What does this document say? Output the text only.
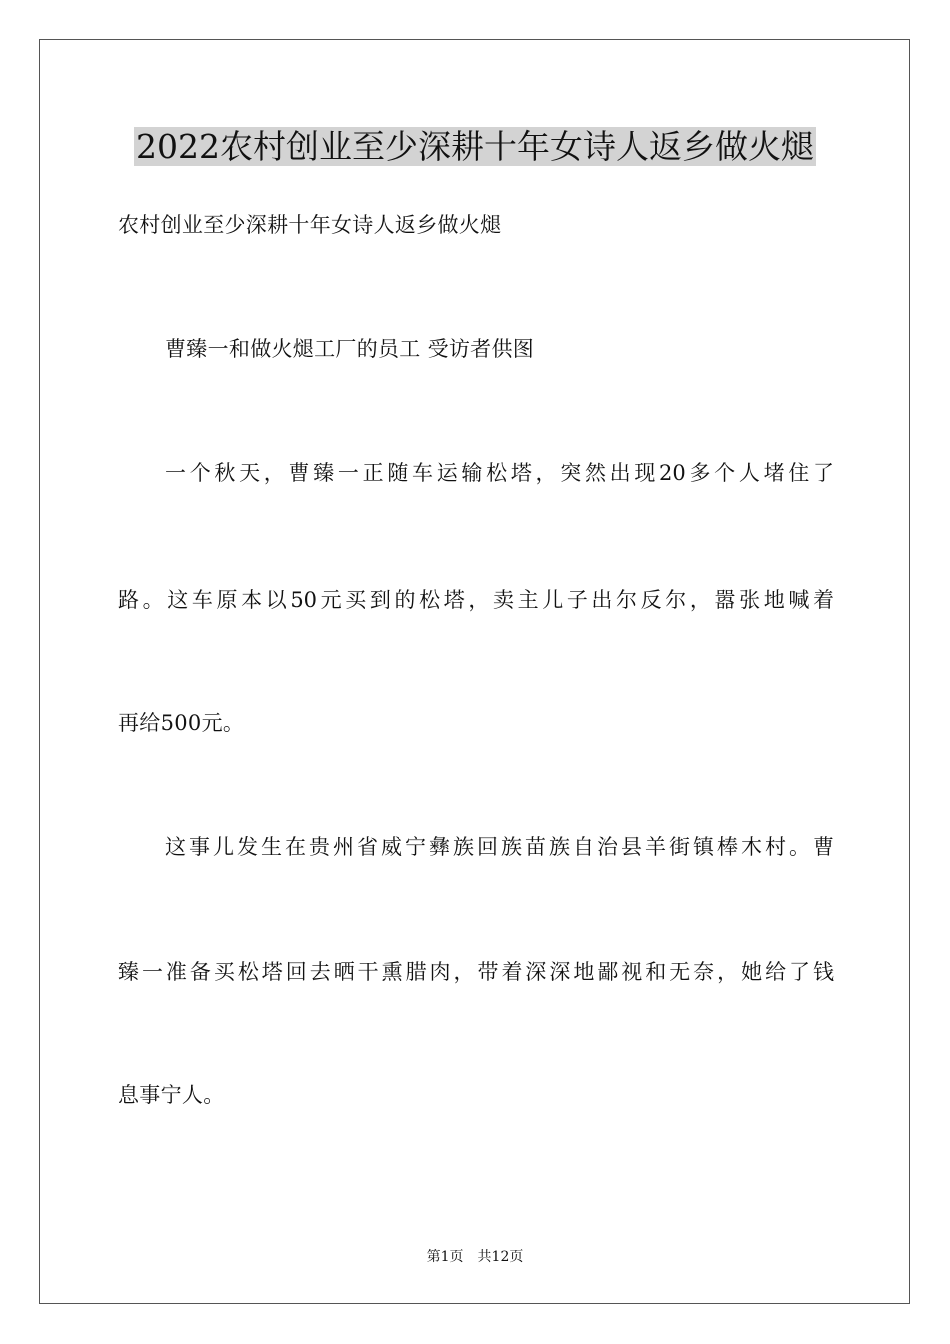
2022农村创业至少深耕十年女诗人返乡做火煺
农村创业至少深耕十年女诗人返乡做火煺
曹臻一和做火煺工厂的员工 受访者供图
一个秋天，曹臻一正随车运输松塔，突然出现20多个人堵住了
路。这车原本以50元买到的松塔，卖主儿子出尔反尔，嚣张地喊着
再给500元。
这事儿发生在贵州省威宁彝族回族苗族自治县羊街镇棒木村。曹
臻一准备买松塔回去晒干熏腊肉，带着深深地鄙视和无奈，她给了钱
息事宁人。
第1页 共12页
